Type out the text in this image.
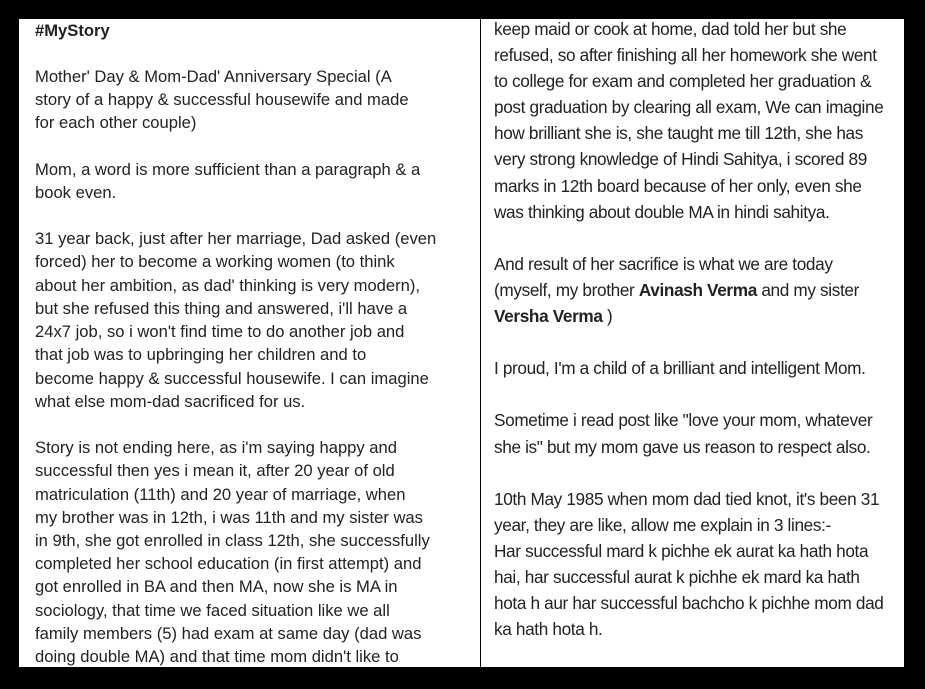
#MyStory

Mother' Day & Mom-Dad' Anniversary Special (A
story of a happy & successful housewife and made
for each other couple)

Mom, a word is more sufficient than a paragraph & a
book even.

31 year back, just after her marriage, Dad asked (even
forced) her to become a working women (to think
about her ambition, as dad' thinking is very modern),
but she refused this thing and answered, i'll have a
24x7 job, so i won't find time to do another job and
that job was to upbringing her children and to
become happy & successful housewife. I can imagine
what else mom-dad sacrificed for us.

Story is not ending here, as i'm saying happy and
successful then yes i mean it, after 20 year of old
matriculation (11th) and 20 year of marriage, when
my brother was in 12th, i was 11th and my sister was
in 9th, she got enrolled in class 12th, she successfully
completed her school education (in first attempt) and
got enrolled in BA and then MA, now she is MA in
sociology, that time we faced situation like we all
family members (5) had exam at same day (dad was
doing double MA) and that time mom didn't like to

keep maid or cook at home, dad told her but she
refused, so after finishing all her homework she went
to college for exam and completed her graduation &
post graduation by clearing all exam, We can imagine
how brilliant she is, she taught me till 12th, she has
very strong knowledge of Hindi Sahitya, i scored 89
marks in 12th board because of her only, even she
was thinking about double MA in hindi sahitya.

And result of her sacrifice is what we are today
(myself, my brother Avinash Verma and my sister
Versha Verma )

I proud, I'm a child of a brilliant and intelligent Mom.

Sometime i read post like "love your mom, whatever
she is" but my mom gave us reason to respect also.

10th May 1985 when mom dad tied knot, it's been 31
year, they are like, allow me explain in 3 lines:-
Har successful mard k pichhe ek aurat ka hath hota
hai, har successful aurat k pichhe ek mard ka hath
hota h aur har successful bachcho k pichhe mom dad
ka hath hota h.
